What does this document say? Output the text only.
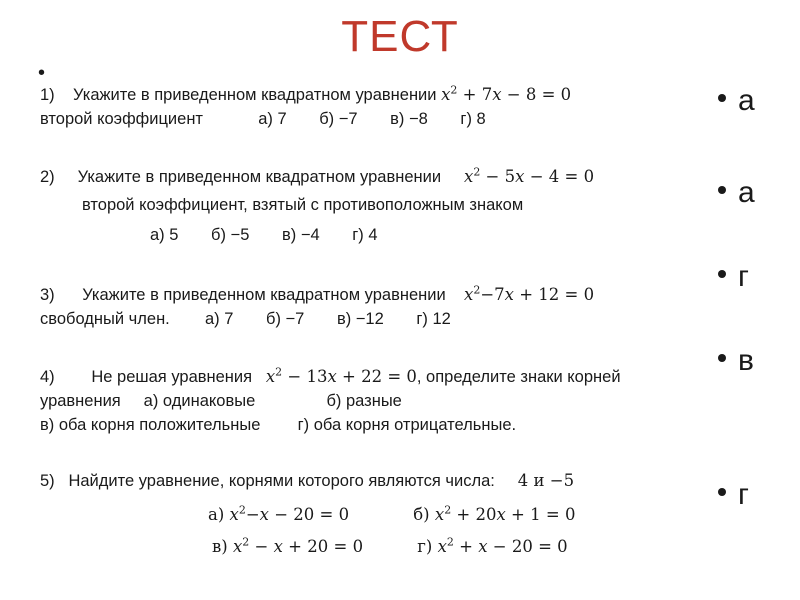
ТЕСТ
•
1) Укажите в приведенном квадратном уравнении $x^2 + 7x - 8 = 0$
второй коэффициент	а) 7 б) −7 в) −8 г) 8
2) Укажите в приведенном квадратном уравнении $x^2 - 5x - 4 = 0$
второй коэффициент, взятый с противоположным знаком
а) 5 б) −5 в) −4 г) 4
3) Укажите в приведенном квадратном уравнении $x^2-7x + 12 = 0$
свободный член. а) 7 б) −7 в) −12 г) 12
4) Не решая уравнения $x^2 - 13x + 22 = 0$, определите знаки корней
уравнения а) одинаковые	б) разные
в) оба корня положительные г) оба корня отрицательные.
5) Найдите уравнение, корнями которого являются числа: 4 и −5
а) $x^2-x - 20 = 0$	б) $x^2 + 20x + 1 = 0$
в) $x^2 - x + 20 = 0$	г) $x^2 + x - 20 = 0$
а
а
г
в
г
